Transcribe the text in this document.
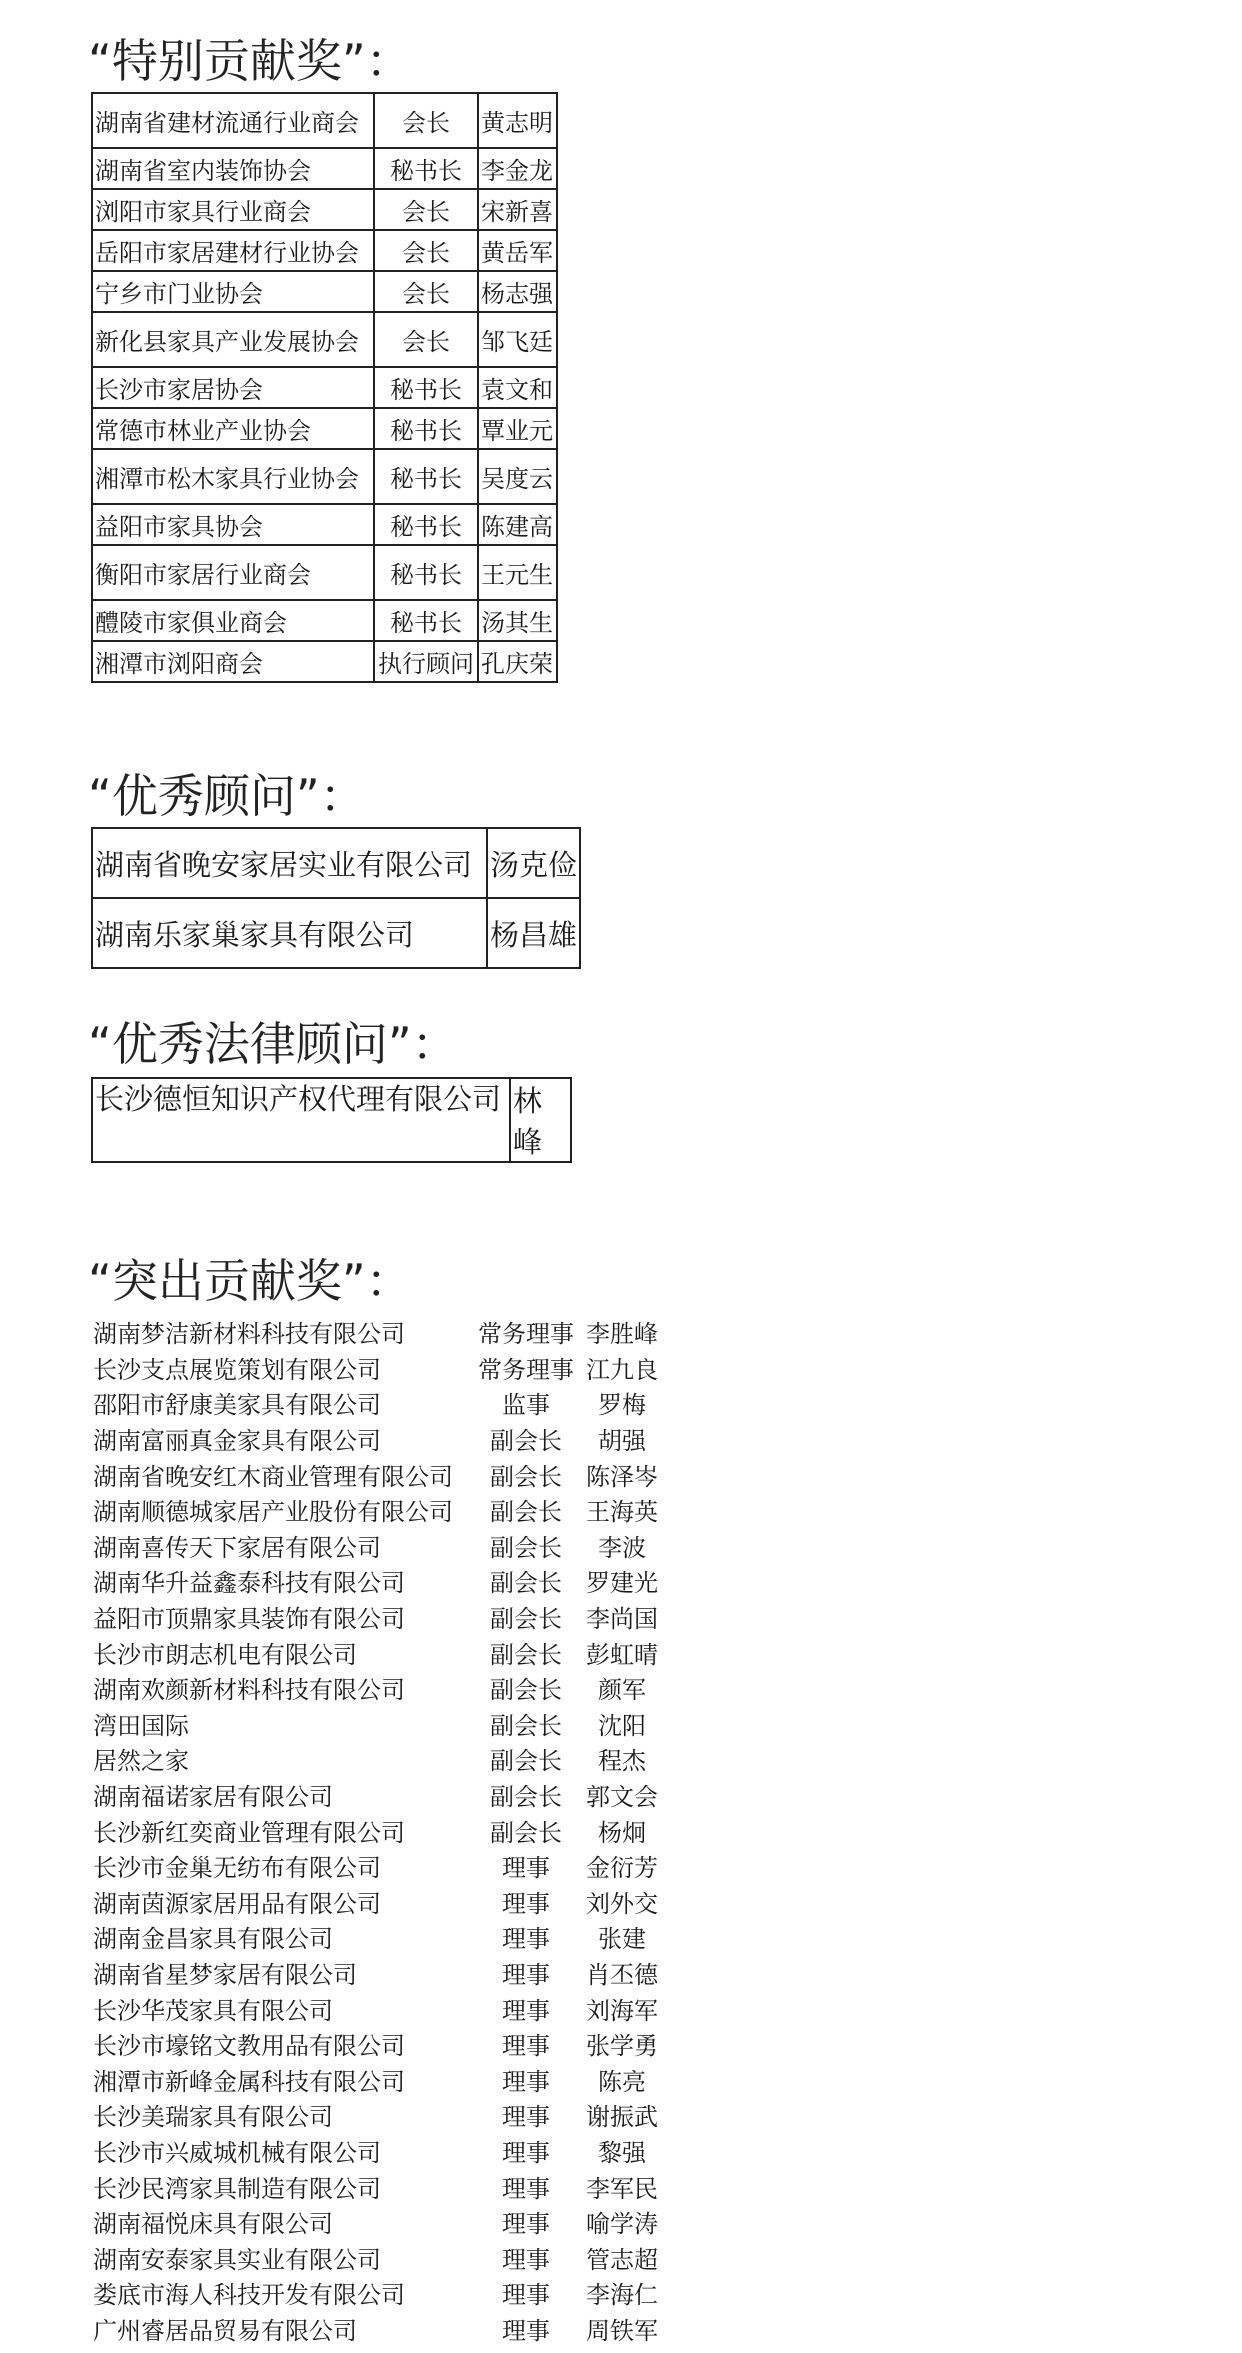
“特别贡献奖”：
湖南省建材流通行业商会	会长	黄志明
湖南省室内装饰协会	秘书长	李金龙
浏阳市家具行业商会	会长	宋新喜
岳阳市家居建材行业协会	会长	黄岳军
宁乡市门业协会	会长	杨志强
新化县家具产业发展协会	会长	邹飞廷
长沙市家居协会	秘书长	袁文和
常德市林业产业协会	秘书长	覃业元
湘潭市松木家具行业协会	秘书长	吴度云
益阳市家具协会	秘书长	陈建高
衡阳市家居行业商会	秘书长	王元生
醴陵市家俱业商会	秘书长	汤其生
湘潭市浏阳商会	执行顾问	孔庆荣
“优秀顾问”：
湖南省晚安家居实业有限公司	汤克俭
湖南乐家巢家具有限公司	杨昌雄
“优秀法律顾问”：
长沙德恒知识产权代理有限公司	林峰
“突出贡献奖”：
湖南梦洁新材料科技有限公司	常务理事 李胜峰
长沙支点展览策划有限公司	常务理事 江九良
邵阳市舒康美家具有限公司	监事	罗梅
湖南富丽真金家具有限公司	副会长	胡强
湖南省晚安红木商业管理有限公司	副会长	陈泽岑
湖南顺德城家居产业股份有限公司	副会长	王海英
湖南喜传天下家居有限公司	副会长	李波
湖南华升益鑫泰科技有限公司	副会长	罗建光
益阳市顶鼎家具装饰有限公司	副会长	李尚国
长沙市朗志机电有限公司	副会长	彭虹晴
湖南欢颜新材料科技有限公司	副会长	颜军
湾田国际	副会长	沈阳
居然之家	副会长	程杰
湖南福诺家居有限公司	副会长	郭文会
长沙新红奕商业管理有限公司	副会长	杨炯
长沙市金巢无纺布有限公司	理事	金衍芳
湖南茵源家居用品有限公司	理事	刘外交
湖南金昌家具有限公司	理事	张建
湖南省星梦家居有限公司	理事	肖丕德
长沙华茂家具有限公司	理事	刘海军
长沙市壕铭文教用品有限公司	理事	张学勇
湘潭市新峰金属科技有限公司	理事	陈亮
长沙美瑞家具有限公司	理事	谢振武
长沙市兴威城机械有限公司	理事	黎强
长沙民湾家具制造有限公司	理事	李军民
湖南福悦床具有限公司	理事	喻学涛
湖南安泰家具实业有限公司	理事	管志超
娄底市海人科技开发有限公司	理事	李海仁
广州睿居品贸易有限公司	理事	周铁军
